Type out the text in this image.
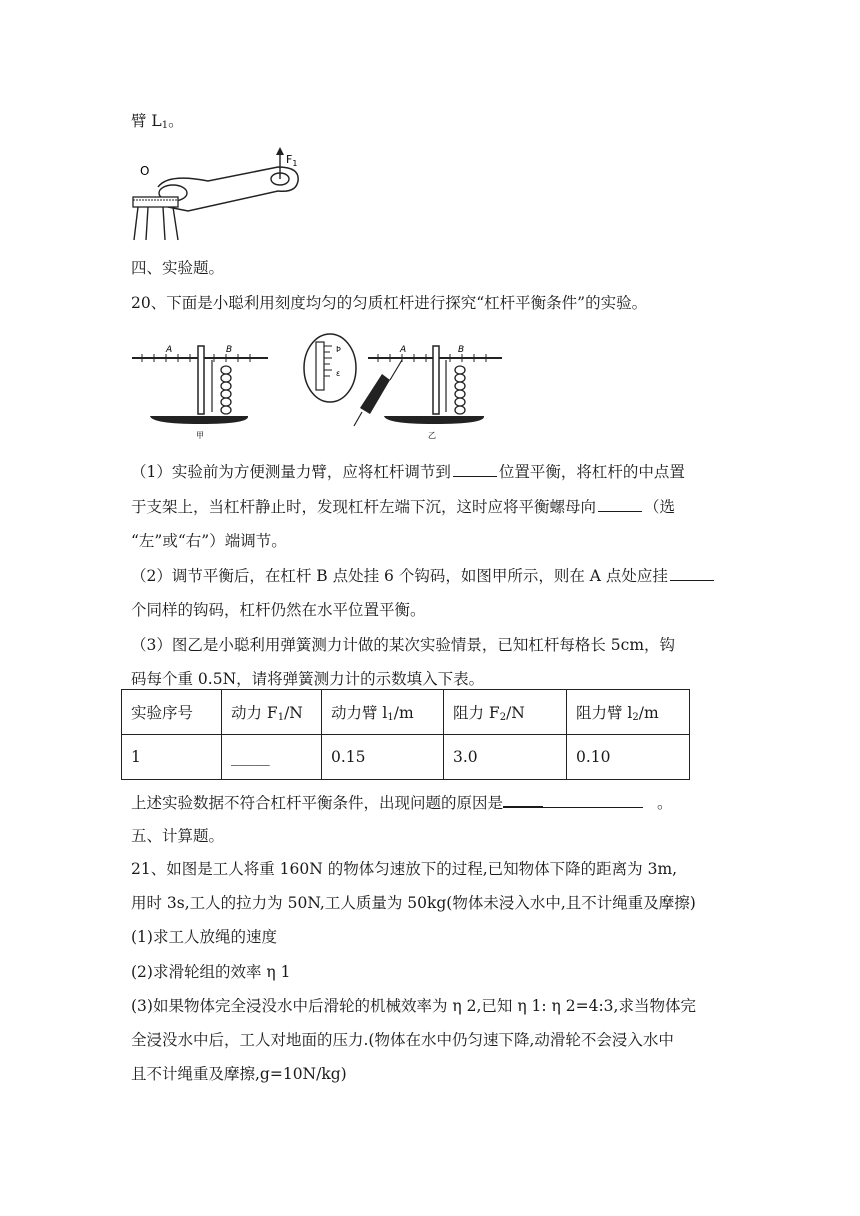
臂 $L_1$。
O
$F_1$
四、实验题。
20、下面是小聪利用刻度均匀的匀质杠杆进行探究“杠杆平衡条件”的实验。
A	B
甲
Þ
ε
A	B
乙
（1）实验前为方便测量力臂，应将杠杆调节到	位置平衡，将杠杆的中点置
于支架上，当杠杆静止时，发现杠杆左端下沉，这时应将平衡螺母向	（选
“左”或“右”）端调节。
（2）调节平衡后，在杠杆 B 点处挂 6 个钩码，如图甲所示，则在 A 点处应挂
个同样的钩码，杠杆仍然在水平位置平衡。
（3）图乙是小聪利用弹簧测力计做的某次实验情景，已知杠杆每格长 5cm，钩
码每个重 0.5N，请将弹簧测力计的示数填入下表。
实验序号	动力 $F_1/N$	动力臂 $l_1/m$	阻力 $F_2/N$	阻力臂 $l_2/m$
1	_____	0.15	3.0	0.10
上述实验数据不符合杠杆平衡条件，出现问题的原因是	。
五、计算题。
21、如图是工人将重 160N 的物体匀速放下的过程,已知物体下降的距离为 3m,
用时 3s,工人的拉力为 50N,工人质量为 50kg(物体未浸入水中,且不计绳重及摩擦)
(1)求工人放绳的速度
(2)求滑轮组的效率 η 1
(3)如果物体完全浸没水中后滑轮的机械效率为 η 2,已知 η 1: η 2=4:3,求当物体完
全浸没水中后，工人对地面的压力.(物体在水中仍匀速下降,动滑轮不会浸入水中
且不计绳重及摩擦,g=10N/kg)
